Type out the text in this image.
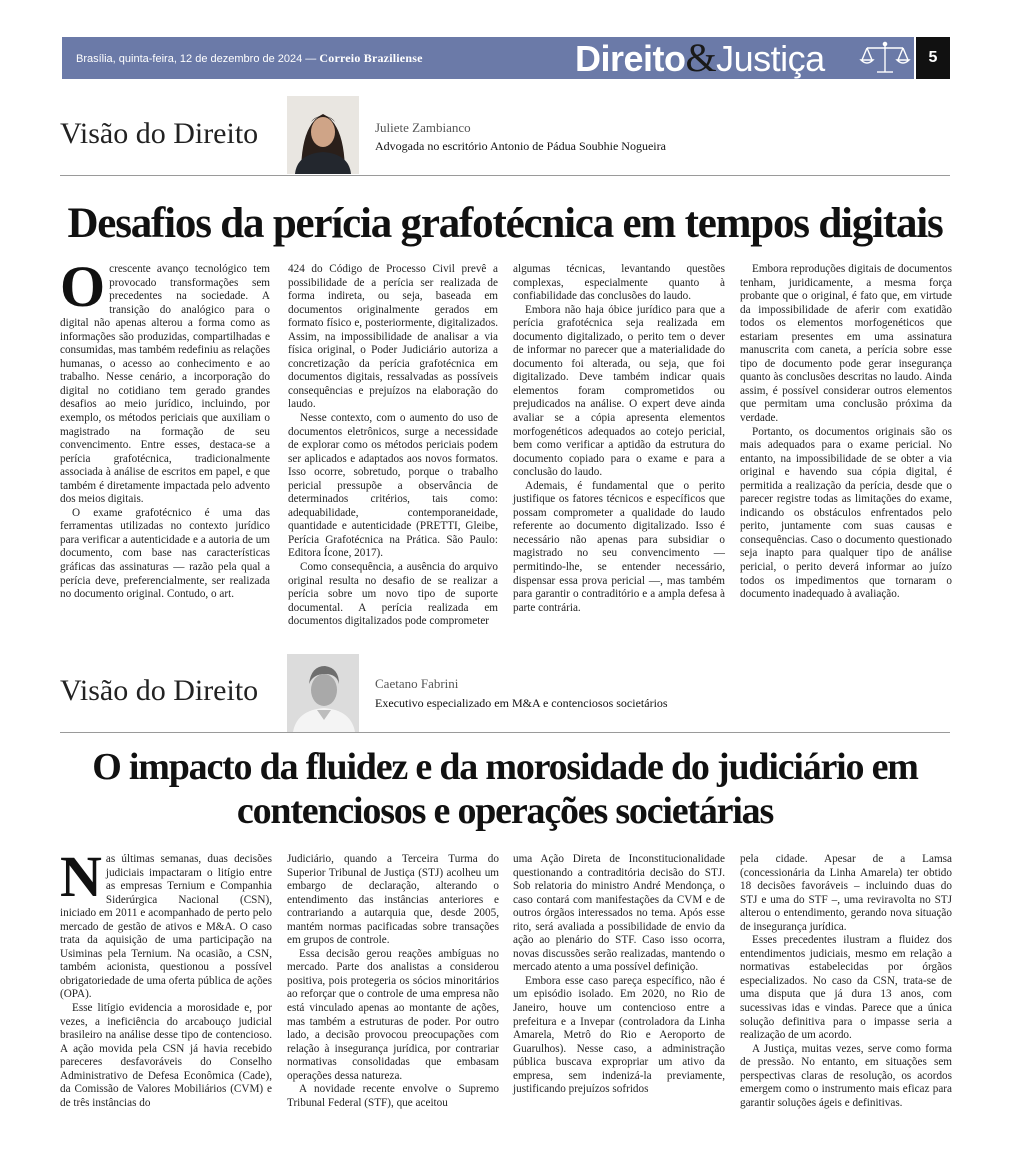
Brasília, quinta-feira, 12 de dezembro de 2024 — Correio Braziliense	Direito&Justiça	5
Visão do Direito	Juliete Zambianco
Advogada no escritório Antonio de Pádua Soubhie Nogueira
Desafios da perícia grafotécnica em tempos digitais

Ocrescente avanço tecnológico tem provocado transformações sem precedentes na sociedade. A transição do analógico para o digital não apenas alterou a forma como as informações são produzidas, compartilhadas e consumidas, mas também redefiniu as relações humanas, o acesso ao conhecimento e ao trabalho. Nesse cenário, a incorporação do digital no cotidiano tem gerado grandes desafios ao meio jurídico, incluindo, por exemplo, os métodos periciais que auxiliam o magistrado na formação de seu convencimento. Entre esses, destaca-se a perícia grafotécnica, tradicionalmente associada à análise de escritos em papel, e que também é diretamente impactada pelo advento dos meios digitais.

O exame grafotécnico é uma das ferramentas utilizadas no contexto jurídico para verificar a autenticidade e a autoria de um documento, com base nas características gráficas das assinaturas — razão pela qual a perícia deve, preferencialmente, ser realizada no documento original. Contudo, o art.

424 do Código de Processo Civil prevê a possibilidade de a perícia ser realizada de forma indireta, ou seja, baseada em documentos originalmente gerados em formato físico e, posteriormente, digitalizados. Assim, na impossibilidade de analisar a via física original, o Poder Judiciário autoriza a concretização da perícia grafotécnica em documentos digitais, ressalvadas as possíveis consequências e prejuízos na elaboração do laudo.

Nesse contexto, com o aumento do uso de documentos eletrônicos, surge a necessidade de explorar como os métodos periciais podem ser aplicados e adaptados aos novos formatos. Isso ocorre, sobretudo, porque o trabalho pericial pressupõe a observância de determinados critérios, tais como: adequabilidade, contemporaneidade, quantidade e autenticidade (PRETTI, Gleibe, Perícia Grafotécnica na Prática. São Paulo: Editora Ícone, 2017).

Como consequência, a ausência do arquivo original resulta no desafio de se realizar a perícia sobre um novo tipo de suporte documental. A perícia realizada em documentos digitalizados pode comprometer

algumas técnicas, levantando questões complexas, especialmente quanto à confiabilidade das conclusões do laudo.

Embora não haja óbice jurídico para que a perícia grafotécnica seja realizada em documento digitalizado, o perito tem o dever de informar no parecer que a materialidade do documento foi alterada, ou seja, que foi digitalizado. Deve também indicar quais elementos foram comprometidos ou prejudicados na análise. O expert deve ainda avaliar se a cópia apresenta elementos morfogenéticos adequados ao cotejo pericial, bem como verificar a aptidão da estrutura do documento copiado para o exame e para a conclusão do laudo.

Ademais, é fundamental que o perito justifique os fatores técnicos e específicos que possam comprometer a qualidade do laudo referente ao documento digitalizado. Isso é necessário não apenas para subsidiar o magistrado no seu convencimento — permitindo-lhe, se entender necessário, dispensar essa prova pericial —, mas também para garantir o contraditório e a ampla defesa à parte contrária.

Embora reproduções digitais de documentos tenham, juridicamente, a mesma força probante que o original, é fato que, em virtude da impossibilidade de aferir com exatidão todos os elementos morfogenéticos que estariam presentes em uma assinatura manuscrita com caneta, a perícia sobre esse tipo de documento pode gerar insegurança quanto às conclusões descritas no laudo. Ainda assim, é possível considerar outros elementos que permitam uma conclusão próxima da verdade.

Portanto, os documentos originais são os mais adequados para o exame pericial. No entanto, na impossibilidade de se obter a via original e havendo sua cópia digital, é permitida a realização da perícia, desde que o parecer registre todas as limitações do exame, indicando os obstáculos enfrentados pelo perito, juntamente com suas causas e consequências. Caso o documento questionado seja inapto para qualquer tipo de análise pericial, o perito deverá informar ao juízo todos os impedimentos que tornaram o documento inadequado à avaliação.

Visão do Direito	Caetano Fabrini
Executivo especializado em M&A e contenciosos societários
O impacto da fluidez e da morosidade do judiciário em
contenciosos e operações societárias

Nas últimas semanas, duas decisões judiciais impactaram o litígio entre as empresas Ternium e Companhia Siderúrgica Nacional (CSN), iniciado em 2011 e acompanhado de perto pelo mercado de gestão de ativos e M&A. O caso trata da aquisição de uma participação na Usiminas pela Ternium. Na ocasião, a CSN, também acionista, questionou a possível obrigatoriedade de uma oferta pública de ações (OPA).

Esse litígio evidencia a morosidade e, por vezes, a ineficiência do arcabouço judicial brasileiro na análise desse tipo de contencioso. A ação movida pela CSN já havia recebido pareceres desfavoráveis do Conselho Administrativo de Defesa Econômica (Cade), da Comissão de Valores Mobiliários (CVM) e de três instâncias do

Judiciário, quando a Terceira Turma do Superior Tribunal de Justiça (STJ) acolheu um embargo de declaração, alterando o entendimento das instâncias anteriores e contrariando a autarquia que, desde 2005, mantém normas pacificadas sobre transações em grupos de controle.

Essa decisão gerou reações ambíguas no mercado. Parte dos analistas a considerou positiva, pois protegeria os sócios minoritários ao reforçar que o controle de uma empresa não está vinculado apenas ao montante de ações, mas também a estruturas de poder. Por outro lado, a decisão provocou preocupações com relação à insegurança jurídica, por contrariar normativas consolidadas que embasam operações dessa natureza.

A novidade recente envolve o Supremo Tribunal Federal (STF), que aceitou

uma Ação Direta de Inconstitucionalidade questionando a contraditória decisão do STJ. Sob relatoria do ministro André Mendonça, o caso contará com manifestações da CVM e de outros órgãos interessados no tema. Após esse rito, será avaliada a possibilidade de envio da ação ao plenário do STF. Caso isso ocorra, novas discussões serão realizadas, mantendo o mercado atento a uma possível definição.

Embora esse caso pareça específico, não é um episódio isolado. Em 2020, no Rio de Janeiro, houve um contencioso entre a prefeitura e a Invepar (controladora da Linha Amarela, Metrô do Rio e Aeroporto de Guarulhos). Nesse caso, a administração pública buscava expropriar um ativo da empresa, sem indenizá-la previamente, justificando prejuízos sofridos

pela cidade. Apesar de a Lamsa (concessionária da Linha Amarela) ter obtido 18 decisões favoráveis – incluindo duas do STJ e uma do STF –, uma reviravolta no STJ alterou o entendimento, gerando nova situação de insegurança jurídica.

Esses precedentes ilustram a fluidez dos entendimentos judiciais, mesmo em relação a normativas estabelecidas por órgãos especializados. No caso da CSN, trata-se de uma disputa que já dura 13 anos, com sucessivas idas e vindas. Parece que a única solução definitiva para o impasse seria a realização de um acordo.

A Justiça, muitas vezes, serve como forma de pressão. No entanto, em situações sem perspectivas claras de resolução, os acordos emergem como o instrumento mais eficaz para garantir soluções ágeis e definitivas.
